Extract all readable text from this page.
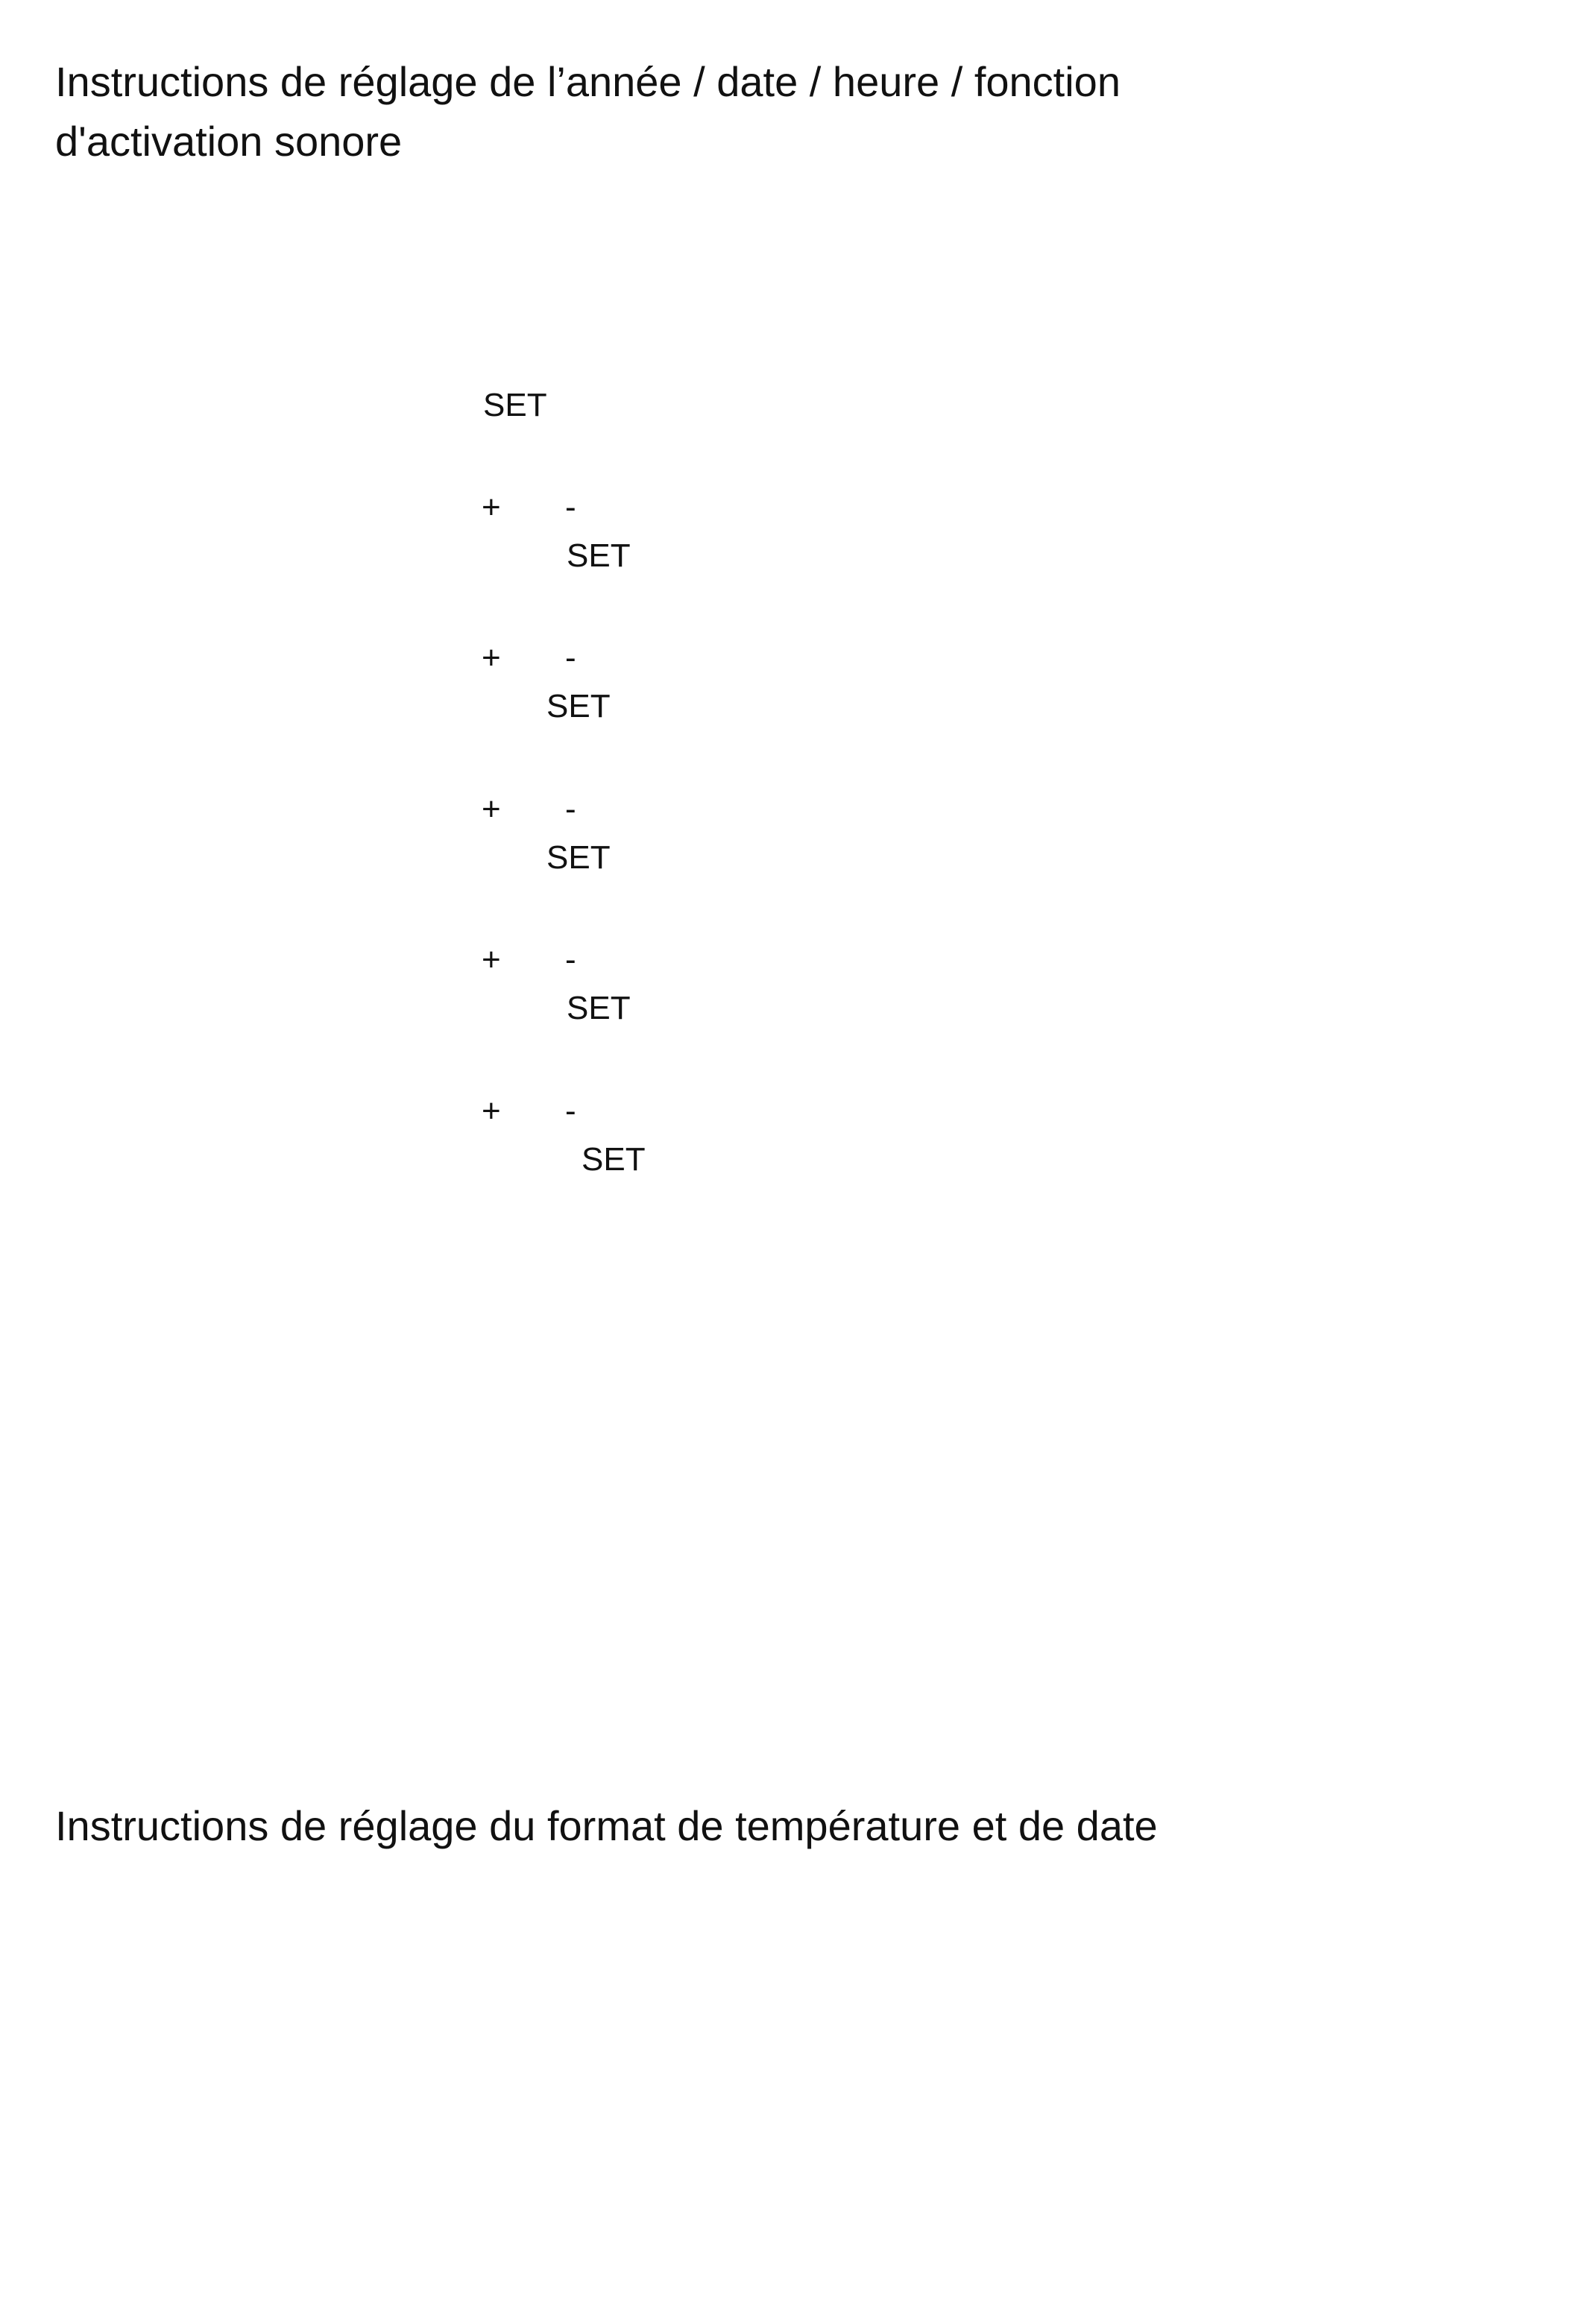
Instructions de réglage de l’année / date / heure / fonction
d'activation sonore
SET
+ -
SET
+ -
SET
+ -
SET
+ -
SET
+ -
SET
Instructions de réglage du format de température et de date
